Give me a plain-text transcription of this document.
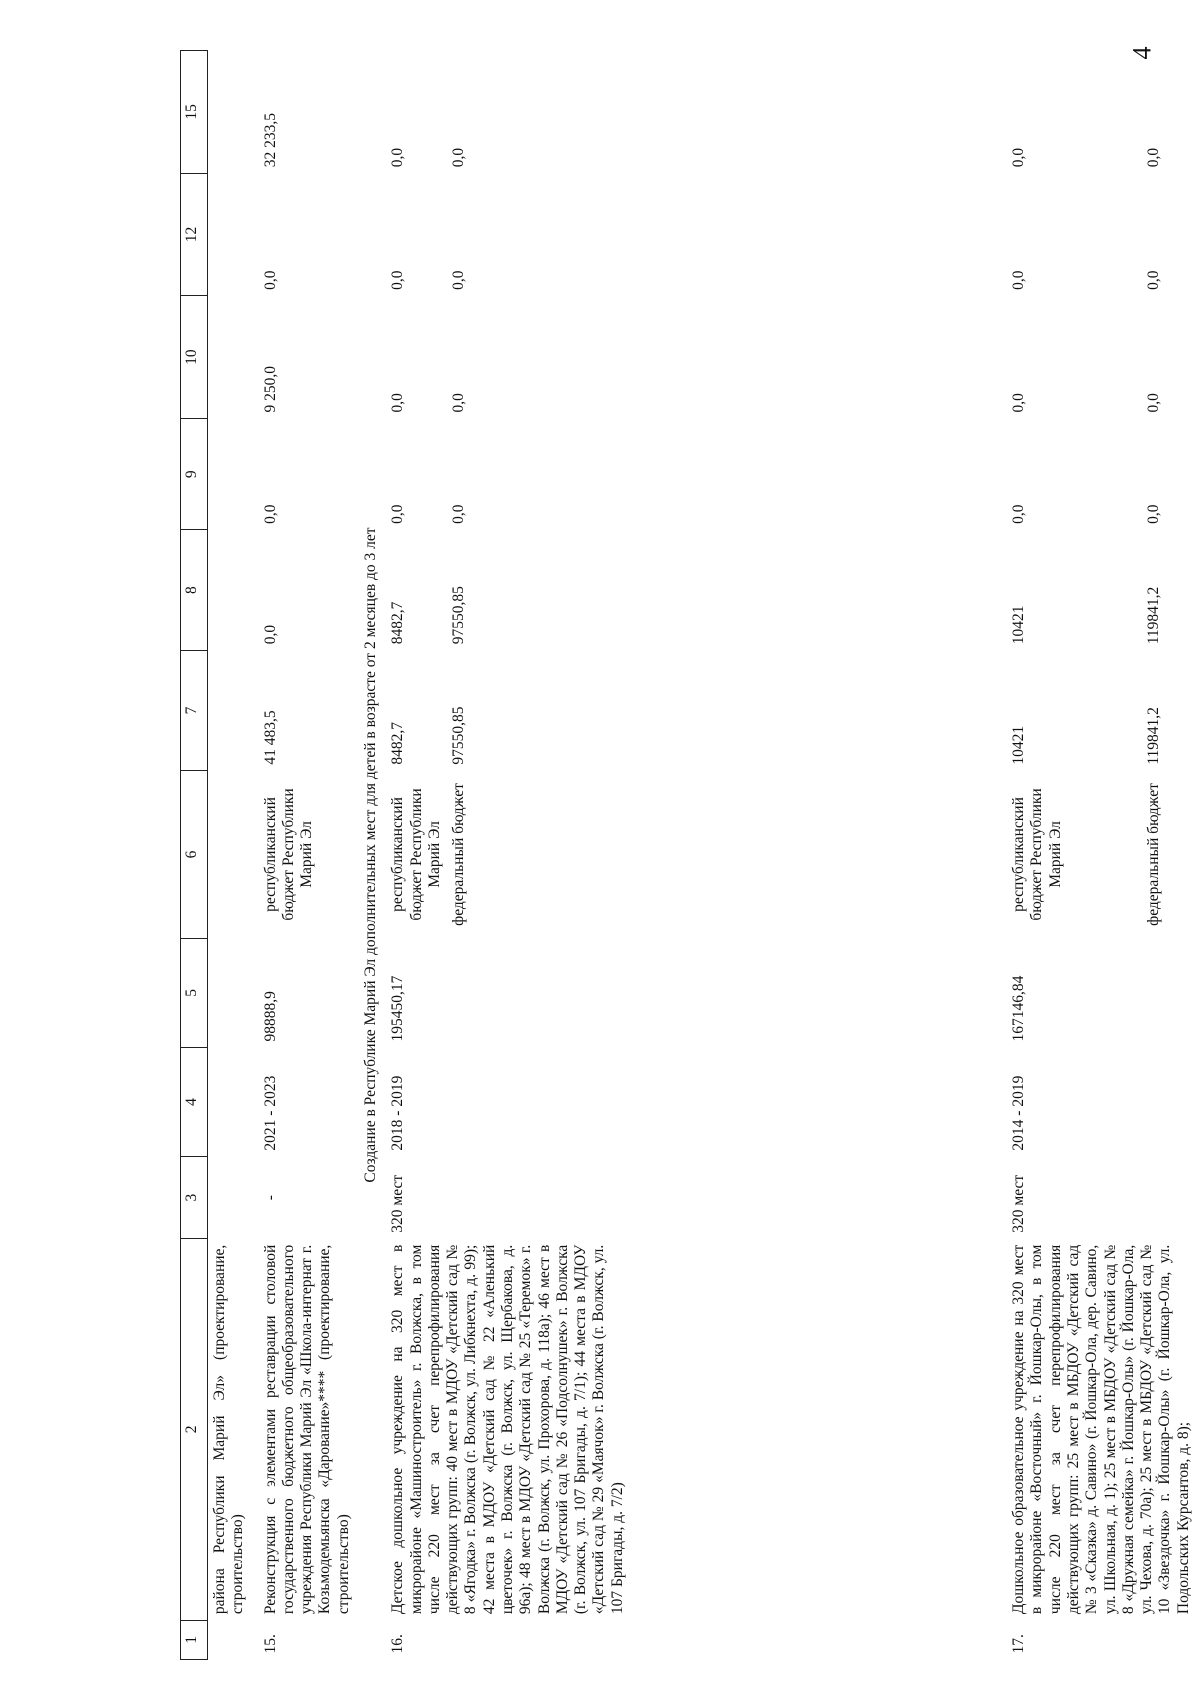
4
1	2	3	4	5	6	7	8	9	10	12	15
	района Республики Марий Эл» (проектирование, строительство)										

15.	Реконструкция с элементами реставрации столовой государственного бюджетного общеобразовательного учреждения Республики Марий Эл «Школа-интернат г. Козьмодемьянска «Дарование»**** (проектирование, строительство)	-	2021 - 2023	98888,9	республиканский бюджет Республики Марий Эл	41 483,5	0,0	0,0	9 250,0	0,0	32 233,5
Создание в Республике Марий Эл дополнительных мест для детей в возрасте от 2 месяцев до 3 лет											
16.	Детское дошкольное учреждение на 320 мест в микрорайоне «Машиностроитель» г. Волжска, в том числе 220 мест за счет перепрофилирования действующих групп: 40 мест в МДОУ «Детский сад № 8 «Ягодка» г. Волжска (г. Волжск, ул. Либкнехта, д. 99); 42 места в МДОУ «Детский сад № 22 «Аленький цветочек» г. Волжска (г. Волжск, ул. Щербакова, д. 96а); 48 мест в МДОУ «Детский сад № 25 «Теремок» г. Волжска (г. Волжск, ул. Прохорова, д. 118а); 46 мест в МДОУ «Детский сад № 26 «Подсолнушек» г. Волжска (г. Волжск, ул. 107 Бригады, д. 7/1); 44 места в МДОУ «Детский сад № 29 «Маячок» г. Волжска (г. Волжск, ул. 107 Бригады, д. 7/2)	320 мест	2018 - 2019	195450,17	республиканский бюджет Республики Марий Эл	8482,7	8482,7	0,0	0,0	0,0	0,0
					федеральный бюджет	97550,85	97550,85	0,0	0,0	0,0	0,0
17.	Дошкольное образовательное учреждение на 320 мест в микрорайоне «Восточный» г. Йошкар-Олы, в том числе 220 мест за счет перепрофилирования действующих групп: 25 мест в МБДОУ «Детский сад № 3 «Сказка» д. Савино» (г. Йошкар-Ола, дер. Савино, ул. Школьная, д. 1); 25 мест в МБДОУ «Детский сад № 8 «Дружная семейка» г. Йошкар-Олы» (г. Йошкар-Ола, ул. Чехова, д. 70а); 25 мест в МБДОУ «Детский сад № 10 «Звездочка» г. Йошкар-Олы» (г. Йошкар-Ола, ул. Подольских Курсантов, д. 8);	320 мест	2014 - 2019	167146,84	республиканский бюджет Республики Марий Эл	10421	10421	0,0	0,0	0,0	0,0
					федеральный бюджет	119841,2	119841,2	0,0	0,0	0,0	0,0
